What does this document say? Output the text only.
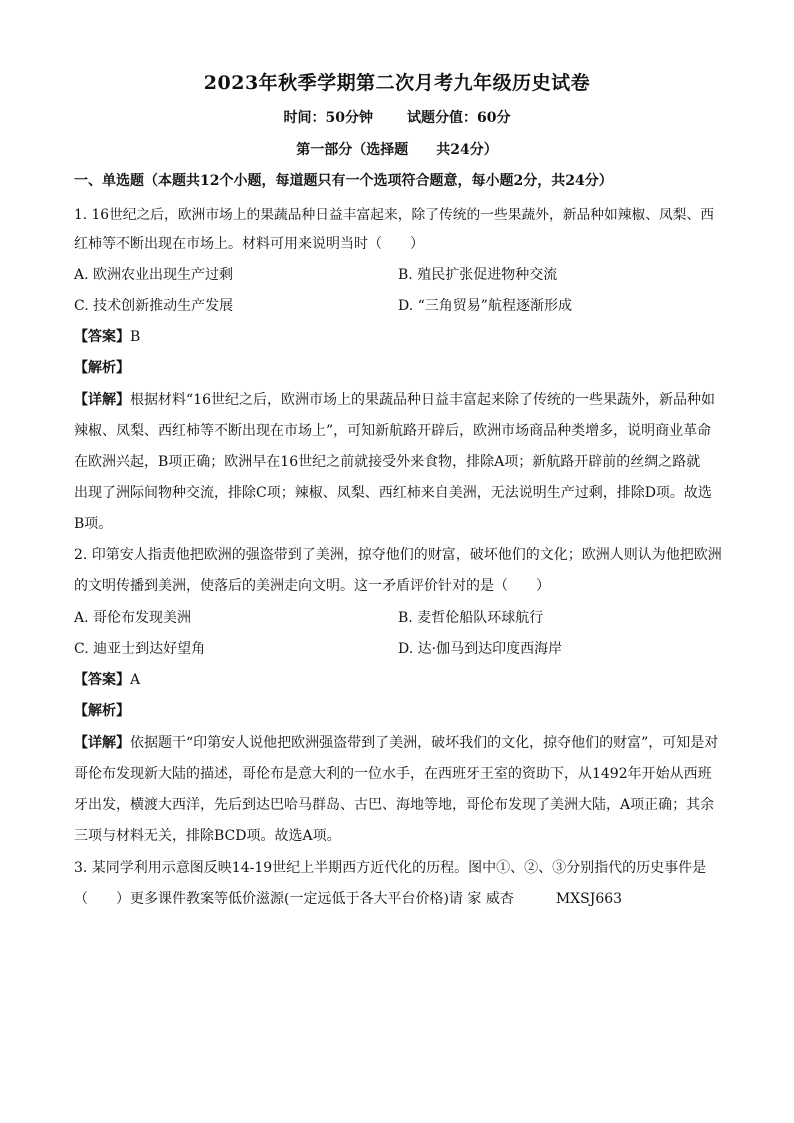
2023年秋季学期第二次月考九年级历史试卷
时间：50分钟 试题分值：60分
第一部分（选择题　　共24分）
一、单选题（本题共12个小题，每道题只有一个选项符合题意，每小题2分，共24分）
1. 16世纪之后，欧洲市场上的果蔬品种日益丰富起来，除了传统的一些果蔬外，新品种如辣椒、凤梨、西
红柿等不断出现在市场上。材料可用来说明当时（　　）
A. 欧洲农业出现生产过剩	B. 殖民扩张促进物种交流
C. 技术创新推动生产发展	D. “三角贸易”航程逐渐形成
【答案】B
【解析】
【详解】根据材料“16世纪之后，欧洲市场上的果蔬品种日益丰富起来除了传统的一些果蔬外，新品种如
辣椒、凤梨、西红柿等不断出现在市场上”，可知新航路开辟后，欧洲市场商品种类增多，说明商业革命
在欧洲兴起，B项正确；欧洲早在16世纪之前就接受外来食物，排除A项；新航路开辟前的丝绸之路就
出现了洲际间物种交流，排除C项；辣椒、凤梨、西红柿来自美洲，无法说明生产过剩，排除D项。故选
B项。
2. 印第安人指责他把欧洲的强盗带到了美洲，掠夺他们的财富，破坏他们的文化；欧洲人则认为他把欧洲
的文明传播到美洲，使落后的美洲走向文明。这一矛盾评价针对的是（　　）
A. 哥伦布发现美洲	B. 麦哲伦船队环球航行
C. 迪亚士到达好望角	D. 达·伽马到达印度西海岸
【答案】A
【解析】
【详解】依据题干“印第安人说他把欧洲强盗带到了美洲，破坏我们的文化，掠夺他们的财富”，可知是对
哥伦布发现新大陆的描述，哥伦布是意大利的一位水手，在西班牙王室的资助下，从1492年开始从西班
牙出发，横渡大西洋，先后到达巴哈马群岛、古巴、海地等地，哥伦布发现了美洲大陆，A项正确；其余
三项与材料无关，排除BCD项。故选A项。
3. 某同学利用示意图反映14-19世纪上半期西方近代化的历程。图中①、②、③分别指代的历史事件是
（　　）更多课件教案等低价滋源(一定远低于各大平台价格)请 家 威杏　　　MXSJ663
